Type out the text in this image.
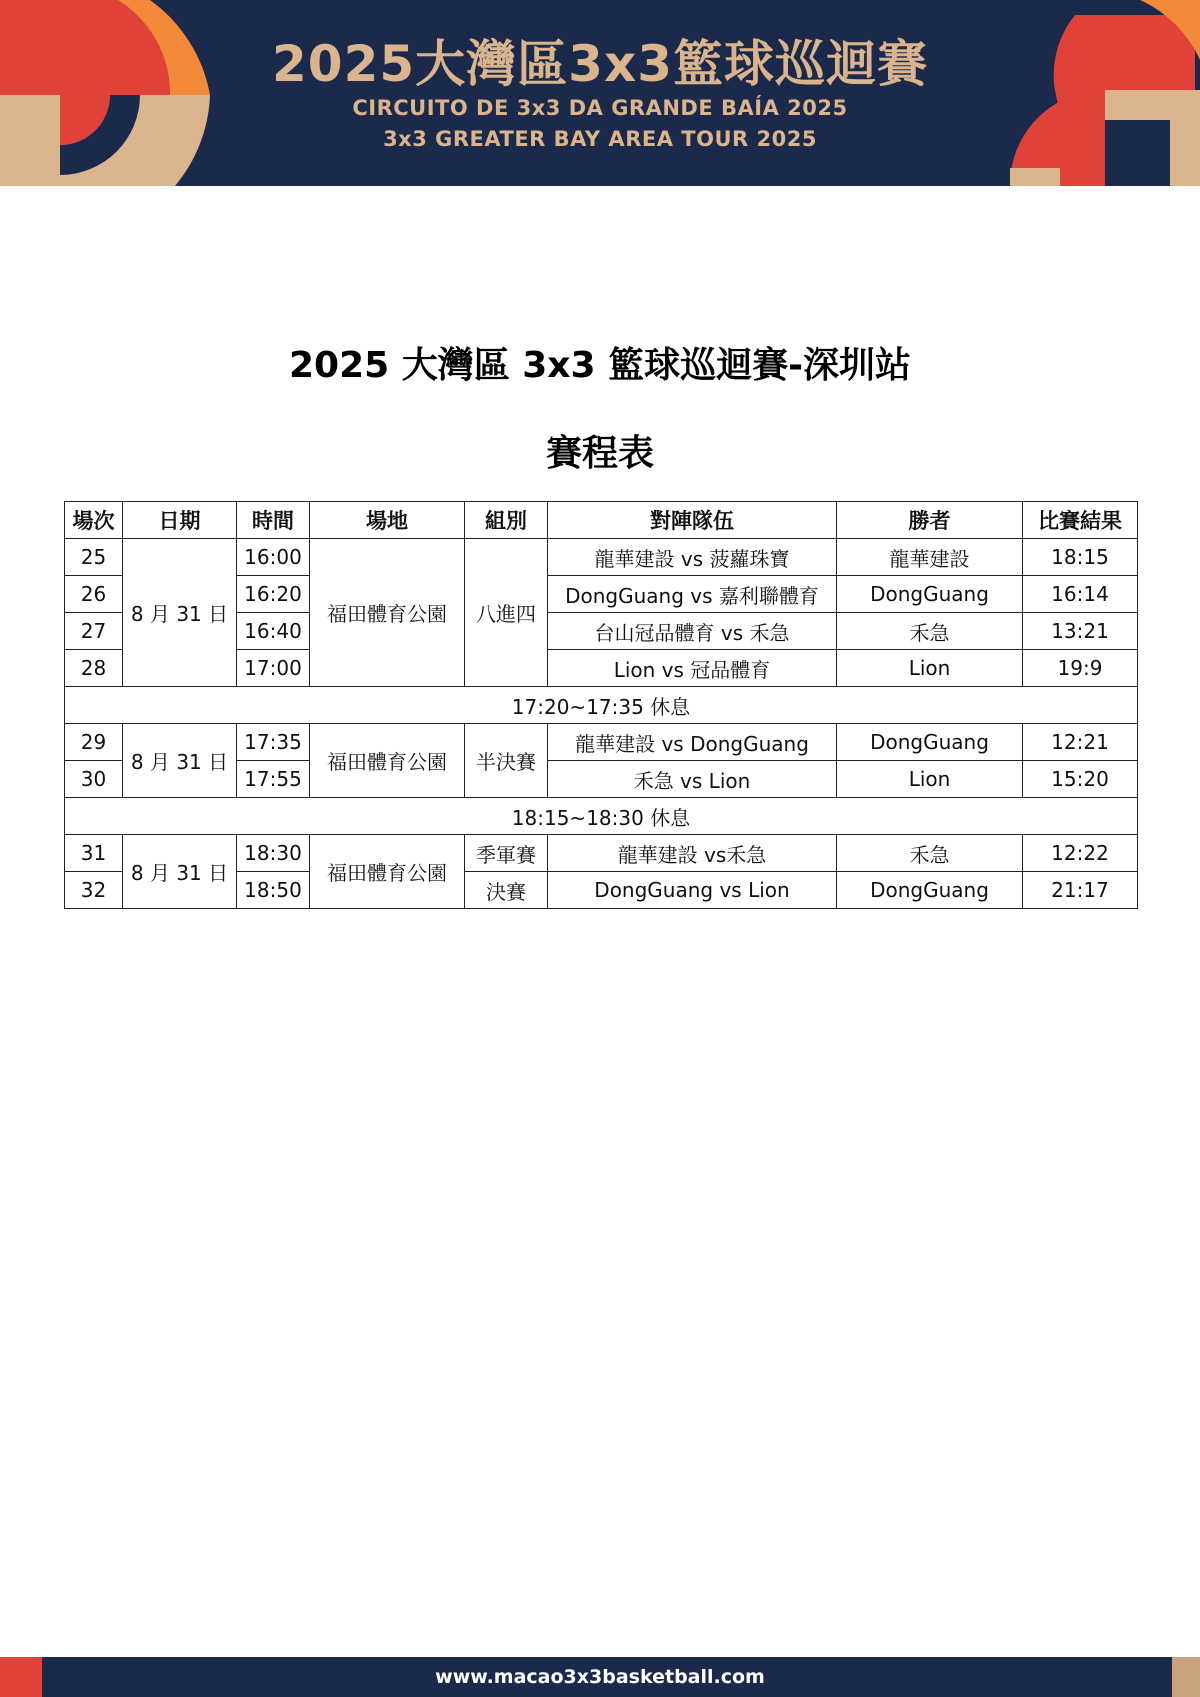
2025大灣區3x3籃球巡迴賽
CIRCUITO DE 3x3 DA GRANDE BAÍA 2025
3x3 GREATER BAY AREA TOUR 2025
2025 大灣區 3x3 籃球巡迴賽-深圳站
賽程表
場次	日期	時間	場地	組別	對陣隊伍	勝者	比賽結果
25	8 月 31 日	16:00	福田體育公園	八進四	龍華建設 vs 菠蘿珠寶	龍華建設	18:15
26		16:20			DongGuang vs 嘉利聯體育	DongGuang	16:14
27		16:40			台山冠品體育 vs 禾急	禾急	13:21
28		17:00			Lion vs 冠品體育	Lion	19:9
17:20~17:35 休息							
29	8 月 31 日	17:35	福田體育公園	半決賽	龍華建設 vs DongGuang	DongGuang	12:21
30		17:55			禾急 vs Lion	Lion	15:20
18:15~18:30 休息							
31	8 月 31 日	18:30	福田體育公園	季軍賽	龍華建設 vs禾急	禾急	12:22
32		18:50		決賽	DongGuang vs Lion	DongGuang	21:17
www.macao3x3basketball.com
